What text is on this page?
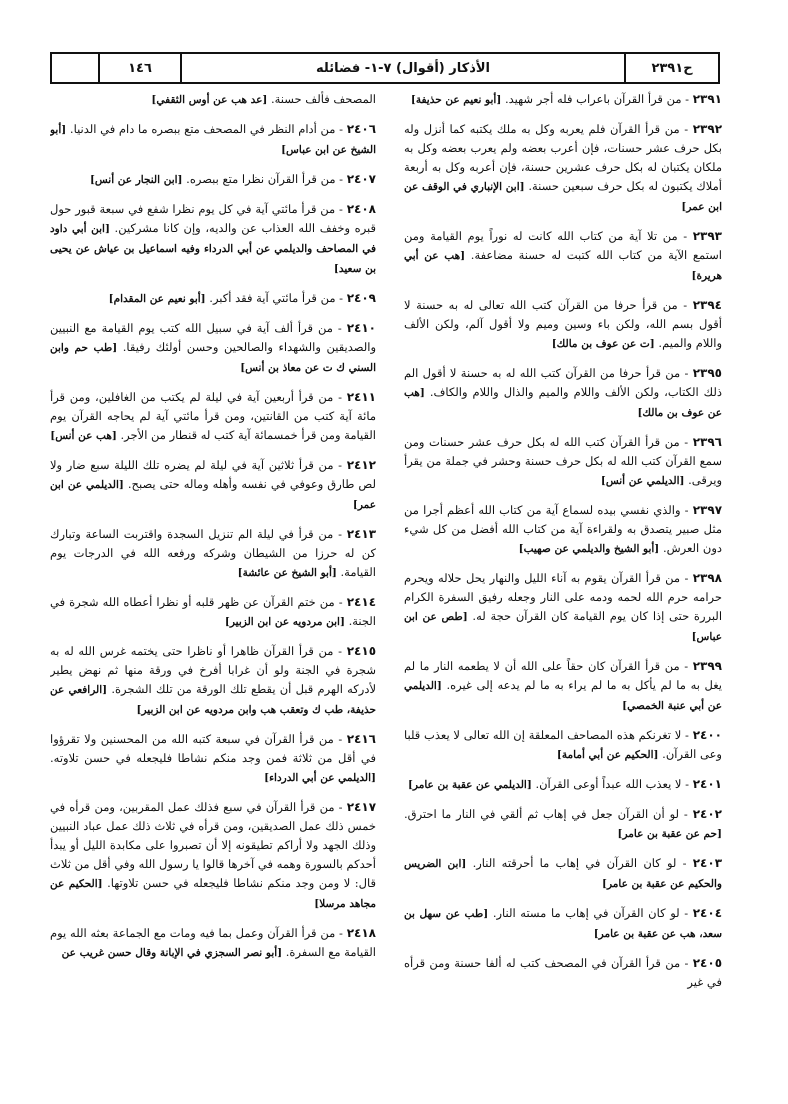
ح٢٣٩١
الأذكار (أقوال) ٧-١- فضائله
١٤٦

٢٣٩١ - من قرأ القرآن باعراب فله أجر شهيد. [أبو نعيم عن حذيفة]

٢٣٩٢ - من قرأ القرآن فلم يعربه وكل به ملك يكتبه كما أنزل وله بكل حرف عشر حسنات، فإن أعرب بعضه ولم يعرب بعضه وكل به ملكان يكتبان له بكل حرف عشرين حسنة، فإن أعربه وكل به أربعة أملاك يكتبون له بكل حرف سبعين حسنة. [ابن الإنباري في الوقف عن ابن عمر]

٢٣٩٣ - من تلا آية من كتاب الله كانت له نوراً يوم القيامة ومن استمع الآية من كتاب الله كتبت له حسنة مضاعفة. [هب عن أبي هريرة]

٢٣٩٤ - من قرأ حرفا من القرآن كتب الله تعالى له به حسنة لا أقول بسم الله، ولكن باء وسين وميم ولا أقول آلم، ولكن الألف واللام والميم. [ت عن عوف بن مالك]

٢٣٩٥ - من قرأ حرفا من القرآن كتب الله له به حسنة لا أقول الم ذلك الكتاب، ولكن الألف واللام والميم والذال واللام والكاف. [هب عن عوف بن مالك]

٢٣٩٦ - من قرأ القرآن كتب الله له بكل حرف عشر حسنات ومن سمع القرآن كتب الله له بكل حرف حسنة وحشر في جملة من يقرأ ويرقى. [الديلمي عن أنس]

٢٣٩٧ - والذي نفسي بيده لسماع آية من كتاب الله أعظم أجرا من مثل صبير يتصدق به ولقراءة آية من كتاب الله أفضل من كل شيء دون العرش. [أبو الشيخ والديلمي عن صهيب]

٢٣٩٨ - من قرأ القرآن يقوم به آناء الليل والنهار يحل حلاله ويحرم حرامه حرم الله لحمه ودمه على النار وجعله رفيق السفرة الكرام البررة حتى إذا كان يوم القيامة كان القرآن حجة له. [طص عن ابن عباس]

٢٣٩٩ - من قرأ القرآن كان حقاً على الله أن لا يطعمه النار ما لم يغل به ما لم يأكل به ما لم يراء به ما لم يدعه إلى غيره. [الديلمي عن أبي عنبة الخمصي]

٢٤٠٠ - لا تغرنكم هذه المصاحف المعلقة إن الله تعالى لا يعذب قلبا وعى القرآن. [الحكيم عن أبي أمامة]

٢٤٠١ - لا يعذب الله عبداً أوعى القرآن. [الديلمي عن عقبة بن عامر]

٢٤٠٢ - لو أن القرآن جعل في إهاب ثم ألقي في النار ما احترق. [حم عن عقبة بن عامر]

٢٤٠٣ - لو كان القرآن في إهاب ما أحرقته النار. [ابن الضريس والحكيم عن عقبة بن عامر]

٢٤٠٤ - لو كان القرآن في إهاب ما مسته النار. [طب عن سهل بن سعد، هب عن عقبة بن عامر]

٢٤٠٥ - من قرأ القرآن في المصحف كتب له ألفا حسنة ومن قرأه في غير

المصحف فألف حسنة. [عد هب عن أوس الثقفي]

٢٤٠٦ - من أدام النظر في المصحف متع ببصره ما دام في الدنيا. [أبو الشيخ عن ابن عباس]

٢٤٠٧ - من قرأ القرآن نظرا متع ببصره. [ابن النجار عن أنس]

٢٤٠٨ - من قرأ مائتي آية في كل يوم نظرا شفع في سبعة قبور حول قبره وخفف الله العذاب عن والديه، وإن كانا مشركين. [ابن أبي داود في المصاحف والديلمي عن أبي الدرداء وفيه اسماعيل بن عياش عن يحيى بن سعيد]

٢٤٠٩ - من قرأ مائتي آية فقد أكبر. [أبو نعيم عن المقدام]

٢٤١٠ - من قرأ ألف آية في سبيل الله كتب يوم القيامة مع النبيين والصديقين والشهداء والصالحين وحسن أولئك رفيقا. [طب حم وابن السني ك ت عن معاذ بن أنس]

٢٤١١ - من قرأ أربعين آية في ليلة لم يكتب من الغافلين، ومن قرأ مائة آية كتب من القانتين، ومن قرأ مائتي آية لم يحاجه القرآن يوم القيامة ومن قرأ خمسمائة آية كتب له قنطار من الأجر. [هب عن أنس]

٢٤١٢ - من قرأ ثلاثين آية في ليلة لم يضره تلك الليلة سبع ضار ولا لص طارق وعوفي في نفسه وأهله وماله حتى يصبح. [الديلمي عن ابن عمر]

٢٤١٣ - من قرأ في ليلة الم تنزيل السجدة واقتربت الساعة وتبارك كن له حرزا من الشيطان وشركه ورفعه الله في الدرجات يوم القيامة. [أبو الشيخ عن عائشة]

٢٤١٤ - من ختم القرآن عن ظهر قلبه أو نظرا أعطاه الله شجرة في الجنة. [ابن مردويه عن ابن الزبير]

٢٤١٥ - من قرأ القرآن ظاهرا أو ناظرا حتى يختمه غرس الله له به شجرة في الجنة ولو أن غرابا أفرخ في ورقة منها ثم نهض يطير لأدركه الهرم قبل أن يقطع تلك الورقة من تلك الشجرة. [الرافعي عن حذيفة، طب ك وتعقب هب وابن مردويه عن ابن الزبير]

٢٤١٦ - من قرأ القرآن في سبعة كتبه الله من المحسنين ولا تقرؤوا في أقل من ثلاثة فمن وجد منكم نشاطا فليجعله في حسن تلاوته. [الديلمي عن أبي الدرداء]

٢٤١٧ - من قرأ القرآن في سبع فذلك عمل المقربين، ومن قرأه في خمس ذلك عمل الصديقين، ومن قرأه في ثلاث ذلك عمل عباد النبيين وذلك الجهد ولا أراكم تطيقونه إلا أن تصبروا على مكابدة الليل أو يبدأ أحدكم بالسورة وهمه في آخرها قالوا يا رسول الله وفي أقل من ثلاث قال: لا ومن وجد منكم نشاطا فليجعله في حسن تلاوتها. [الحكيم عن مجاهد مرسلا]

٢٤١٨ - من قرأ القرآن وعمل بما فيه ومات مع الجماعة بعثه الله يوم القيامة مع السفرة. [أبو نصر السجزي في الإبانة وقال حسن غريب عن
